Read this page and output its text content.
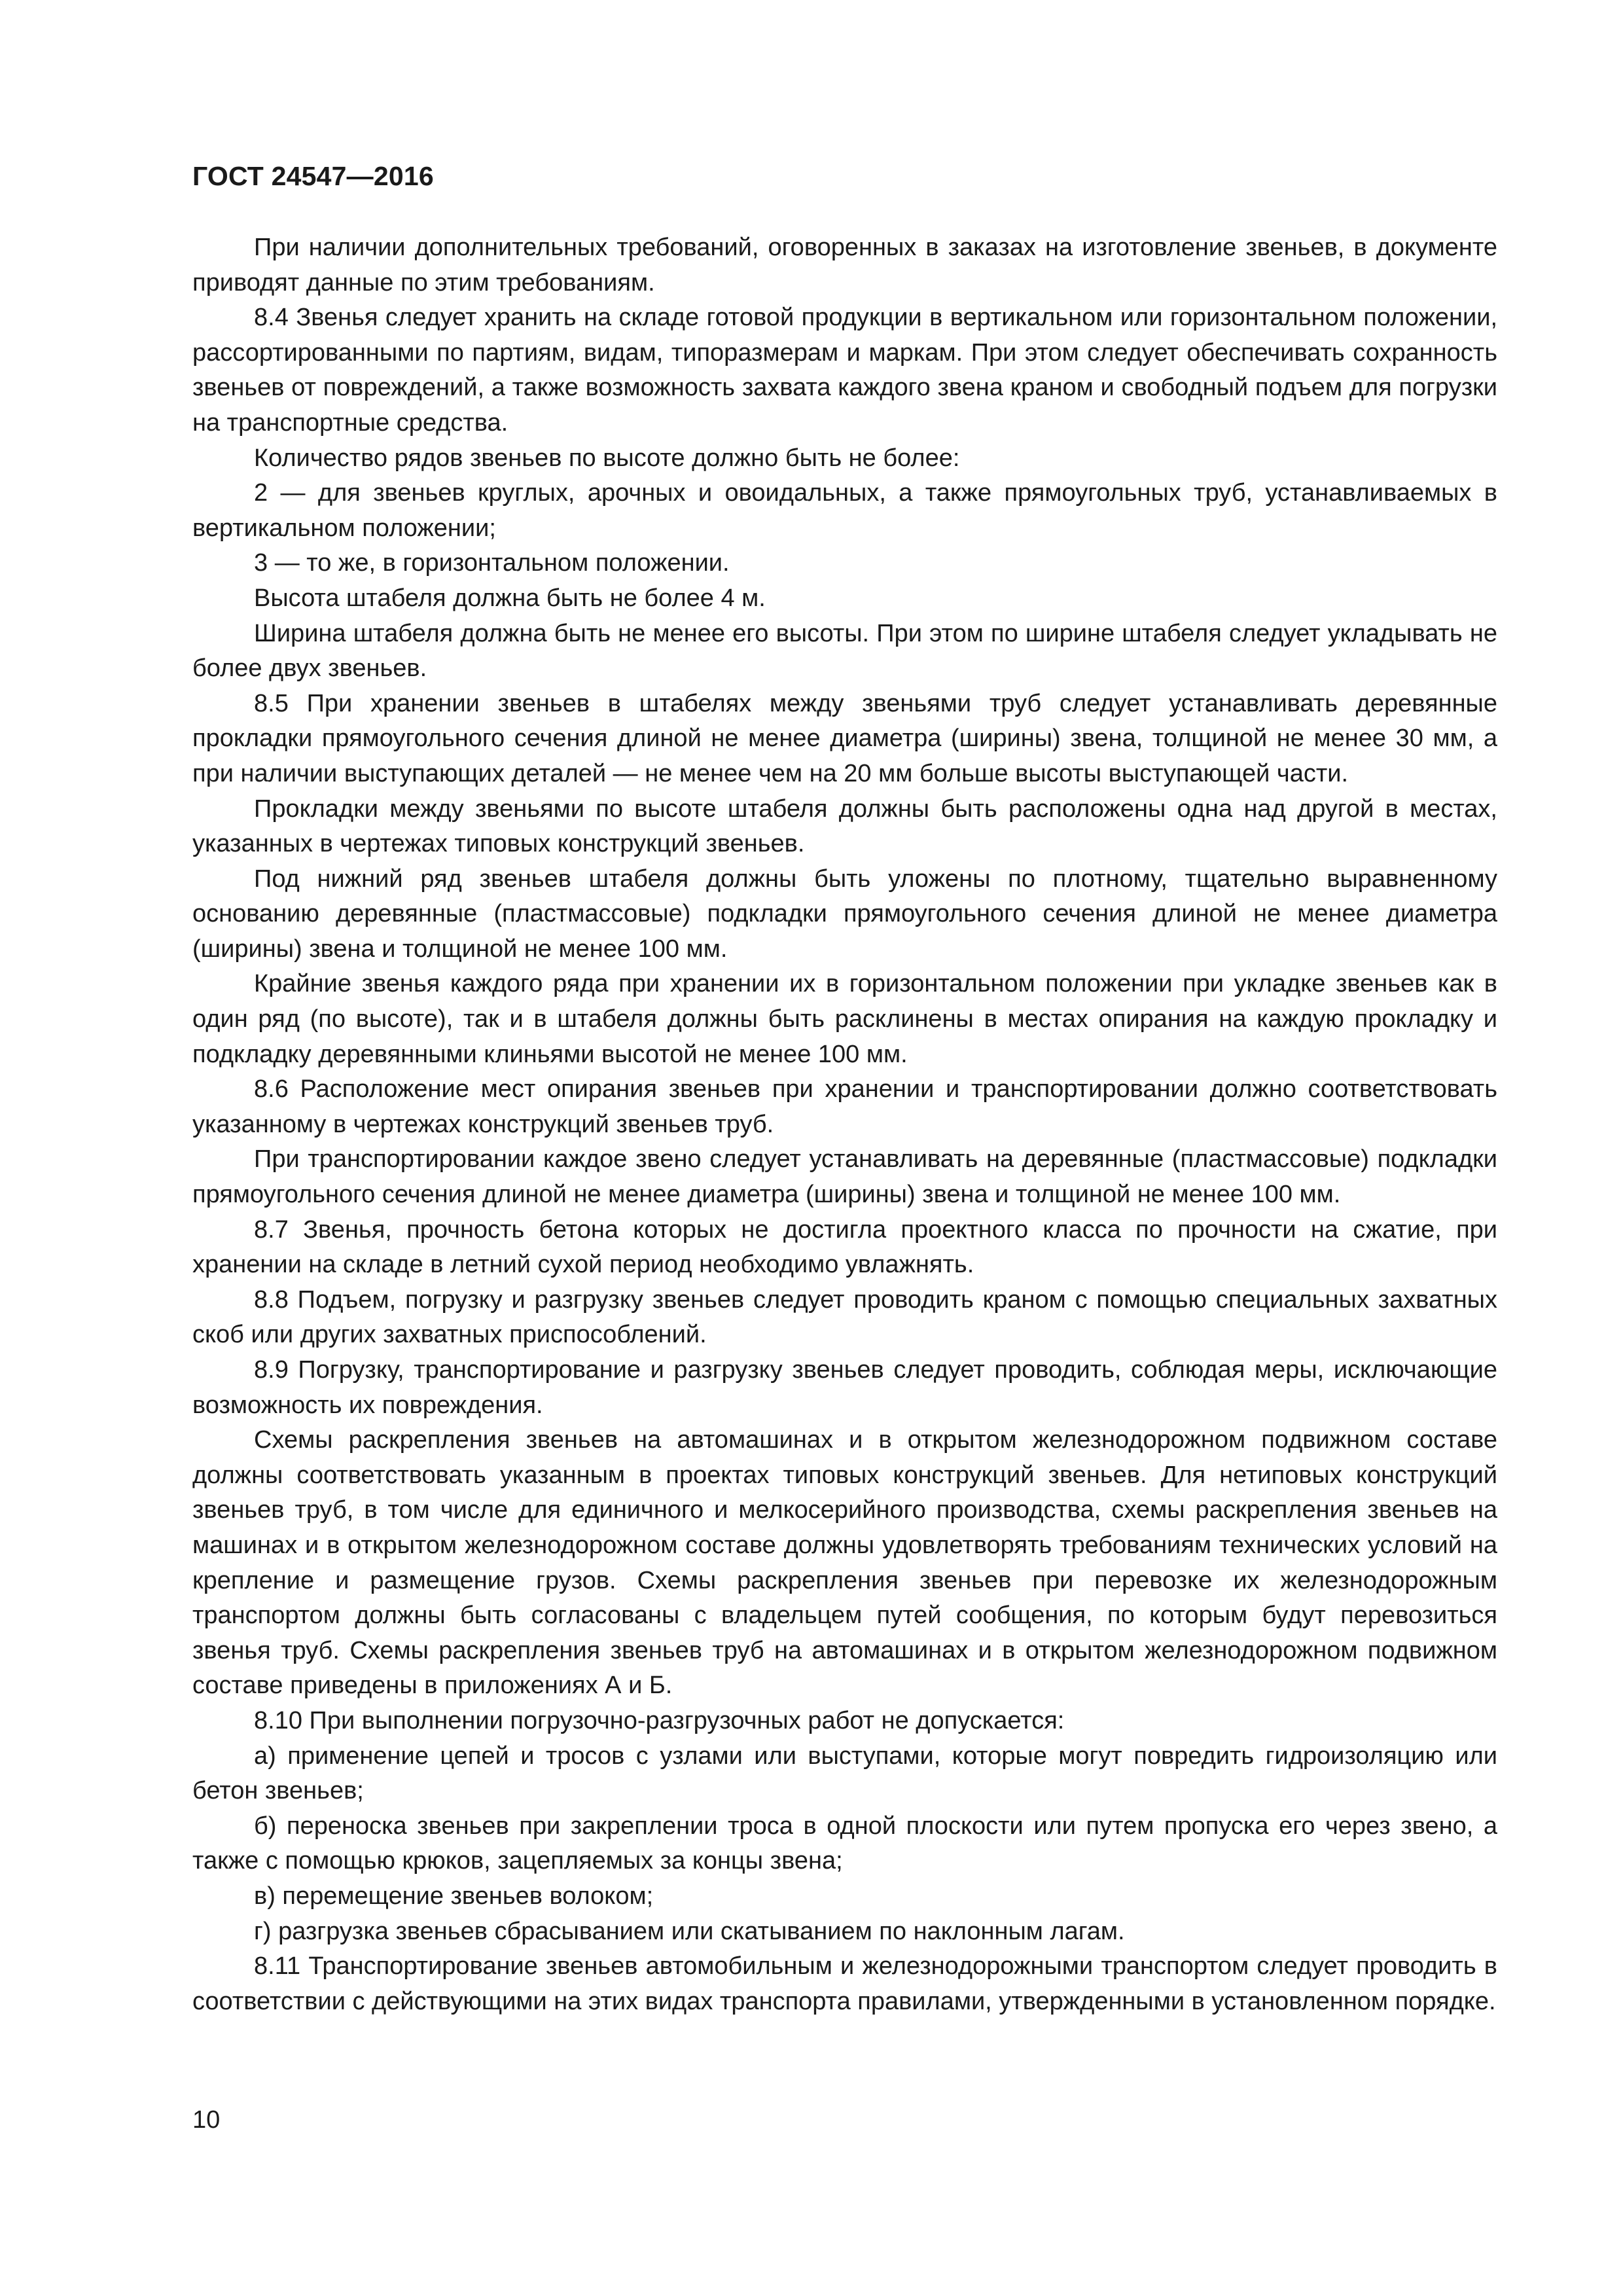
ГОСТ 24547—2016

При наличии дополнительных требований, оговоренных в заказах на изготовление звеньев, в документе приводят данные по этим требованиям.

8.4 Звенья следует хранить на складе готовой продукции в вертикальном или горизонтальном положении, рассортированными по партиям, видам, типоразмерам и маркам. При этом следует обеспечивать сохранность звеньев от повреждений, а также возможность захвата каждого звена краном и свободный подъем для погрузки на транспортные средства.

Количество рядов звеньев по высоте должно быть не более:

2 — для звеньев круглых, арочных и овоидальных, а также прямоугольных труб, устанавливаемых в вертикальном положении;

3 — то же, в горизонтальном положении.

Высота штабеля должна быть не более 4 м.

Ширина штабеля должна быть не менее его высоты. При этом по ширине штабеля следует укладывать не более двух звеньев.

8.5 При хранении звеньев в штабелях между звеньями труб следует устанавливать деревянные прокладки прямоугольного сечения длиной не менее диаметра (ширины) звена, толщиной не менее 30 мм, а при наличии выступающих деталей — не менее чем на 20 мм больше высоты выступающей части.

Прокладки между звеньями по высоте штабеля должны быть расположены одна над другой в местах, указанных в чертежах типовых конструкций звеньев.

Под нижний ряд звеньев штабеля должны быть уложены по плотному, тщательно выравненному основанию деревянные (пластмассовые) подкладки прямоугольного сечения длиной не менее диаметра (ширины) звена и толщиной не менее 100 мм.

Крайние звенья каждого ряда при хранении их в горизонтальном положении при укладке звеньев как в один ряд (по высоте), так и в штабеля должны быть расклинены в местах опирания на каждую прокладку и подкладку деревянными клиньями высотой не менее 100 мм.

8.6 Расположение мест опирания звеньев при хранении и транспортировании должно соответствовать указанному в чертежах конструкций звеньев труб.

При транспортировании каждое звено следует устанавливать на деревянные (пластмассовые) подкладки прямоугольного сечения длиной не менее диаметра (ширины) звена и толщиной не менее 100 мм.

8.7 Звенья, прочность бетона которых не достигла проектного класса по прочности на сжатие, при хранении на складе в летний сухой период необходимо увлажнять.

8.8 Подъем, погрузку и разгрузку звеньев следует проводить краном с помощью специальных захватных скоб или других захватных приспособлений.

8.9 Погрузку, транспортирование и разгрузку звеньев следует проводить, соблюдая меры, исключающие возможность их повреждения.

Схемы раскрепления звеньев на автомашинах и в открытом железнодорожном подвижном составе должны соответствовать указанным в проектах типовых конструкций звеньев. Для нетиповых конструкций звеньев труб, в том числе для единичного и мелкосерийного производства, схемы раскрепления звеньев на машинах и в открытом железнодорожном составе должны удовлетворять требованиям технических условий на крепление и размещение грузов. Схемы раскрепления звеньев при перевозке их железнодорожным транспортом должны быть согласованы с владельцем путей сообщения, по которым будут перевозиться звенья труб. Схемы раскрепления звеньев труб на автомашинах и в открытом железнодорожном подвижном составе приведены в приложениях А и Б.

8.10 При выполнении погрузочно-разгрузочных работ не допускается:

а) применение цепей и тросов с узлами или выступами, которые могут повредить гидроизоляцию или бетон звеньев;

б) переноска звеньев при закреплении троса в одной плоскости или путем пропуска его через звено, а также с помощью крюков, зацепляемых за концы звена;

в) перемещение звеньев волоком;

г) разгрузка звеньев сбрасыванием или скатыванием по наклонным лагам.

8.11 Транспортирование звеньев автомобильным и железнодорожными транспортом следует проводить в соответствии с действующими на этих видах транспорта правилами, утвержденными в установленном порядке.

10
